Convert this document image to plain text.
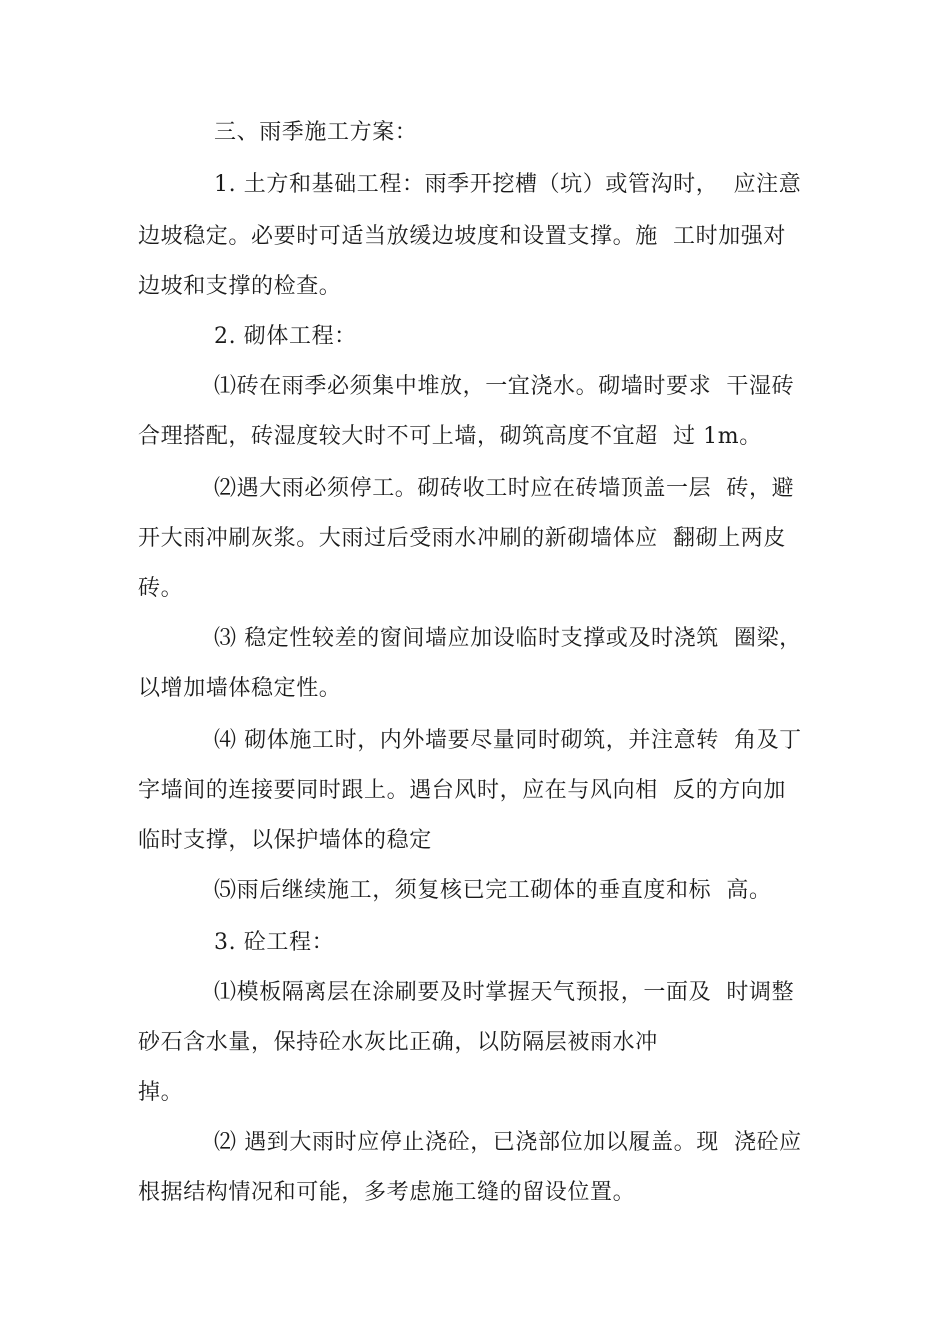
三、雨季施工方案：
1. 土方和基础工程：雨季开挖槽（坑）或管沟时，  应注意
边坡稳定。必要时可适当放缓边坡度和设置支撑。施  工时加强对
边坡和支撑的检查。
2. 砌体工程：
⑴砖在雨季必须集中堆放，一宜浇水。砌墙时要求  干湿砖
合理搭配，砖湿度较大时不可上墙，砌筑高度不宜超  过 1m。
⑵遇大雨必须停工。砌砖收工时应在砖墙顶盖一层  砖，避
开大雨冲刷灰浆。大雨过后受雨水冲刷的新砌墙体应  翻砌上两皮
砖。
⑶ 稳定性较差的窗间墙应加设临时支撑或及时浇筑  圈梁，
以增加墙体稳定性。
⑷ 砌体施工时，内外墙要尽量同时砌筑，并注意转  角及丁
字墙间的连接要同时跟上。遇台风时，应在与风向相  反的方向加
临时支撑，以保护墙体的稳定
⑸雨后继续施工，须复核已完工砌体的垂直度和标  高。
3. 砼工程：
⑴模板隔离层在涂刷要及时掌握天气预报，一面及  时调整
砂石含水量，保持砼水灰比正确，以防隔层被雨水冲
掉。
⑵ 遇到大雨时应停止浇砼，已浇部位加以履盖。现  浇砼应
根据结构情况和可能，多考虑施工缝的留设位置。
